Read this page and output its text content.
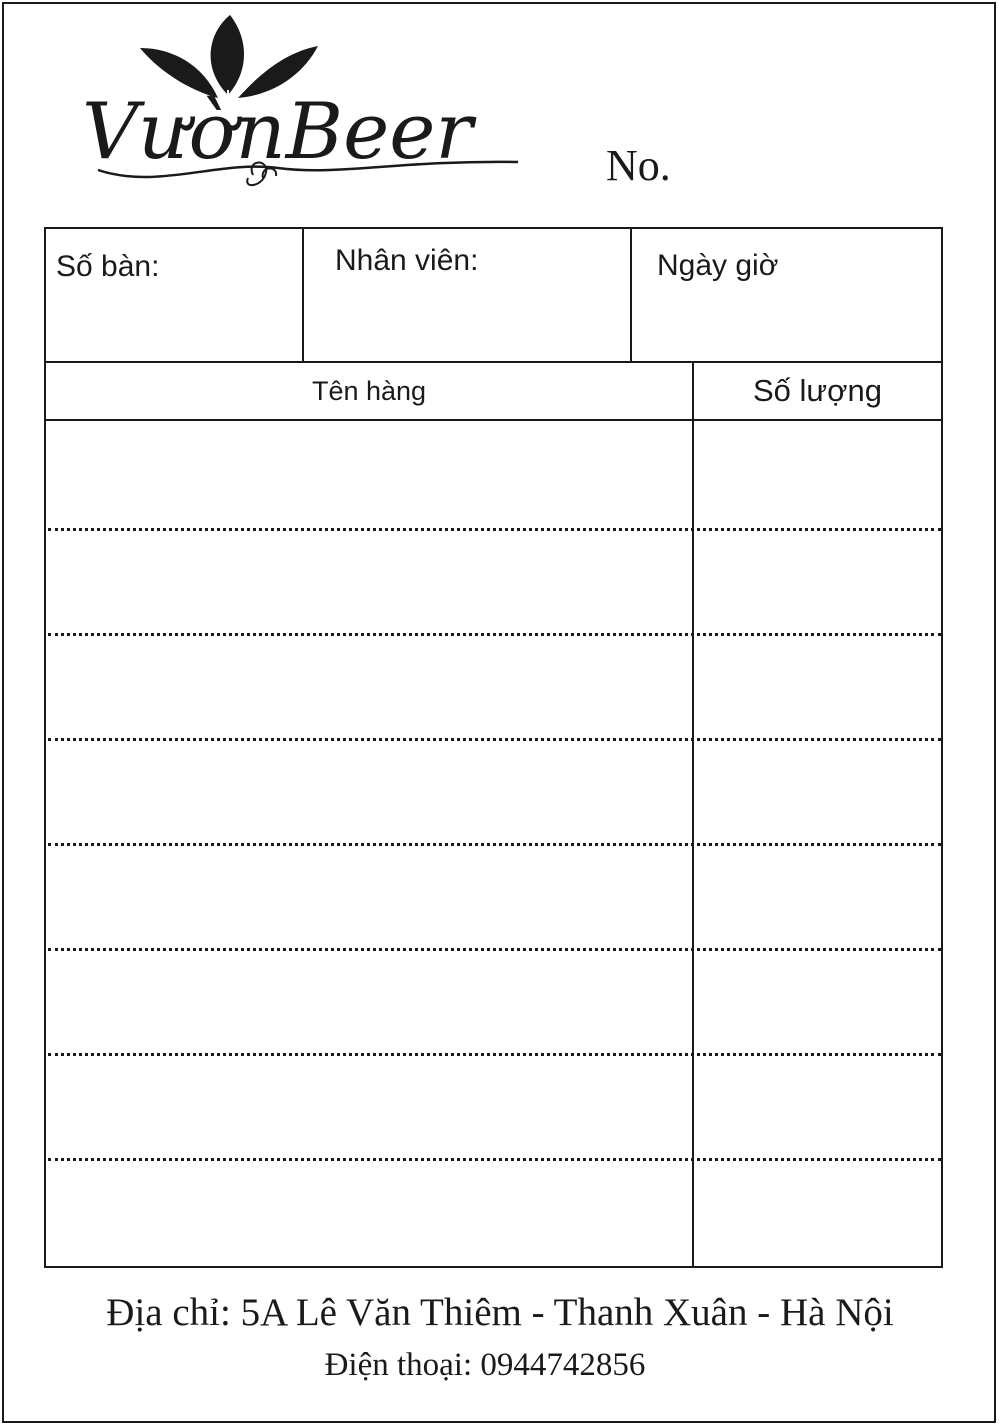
VườnBeer	No.
Số bàn:	Nhân viên:	Ngày giờ
Tên hàng	Số lượng
Địa chỉ: 5A Lê Văn Thiêm - Thanh Xuân - Hà Nội
Điện thoại: 0944742856
